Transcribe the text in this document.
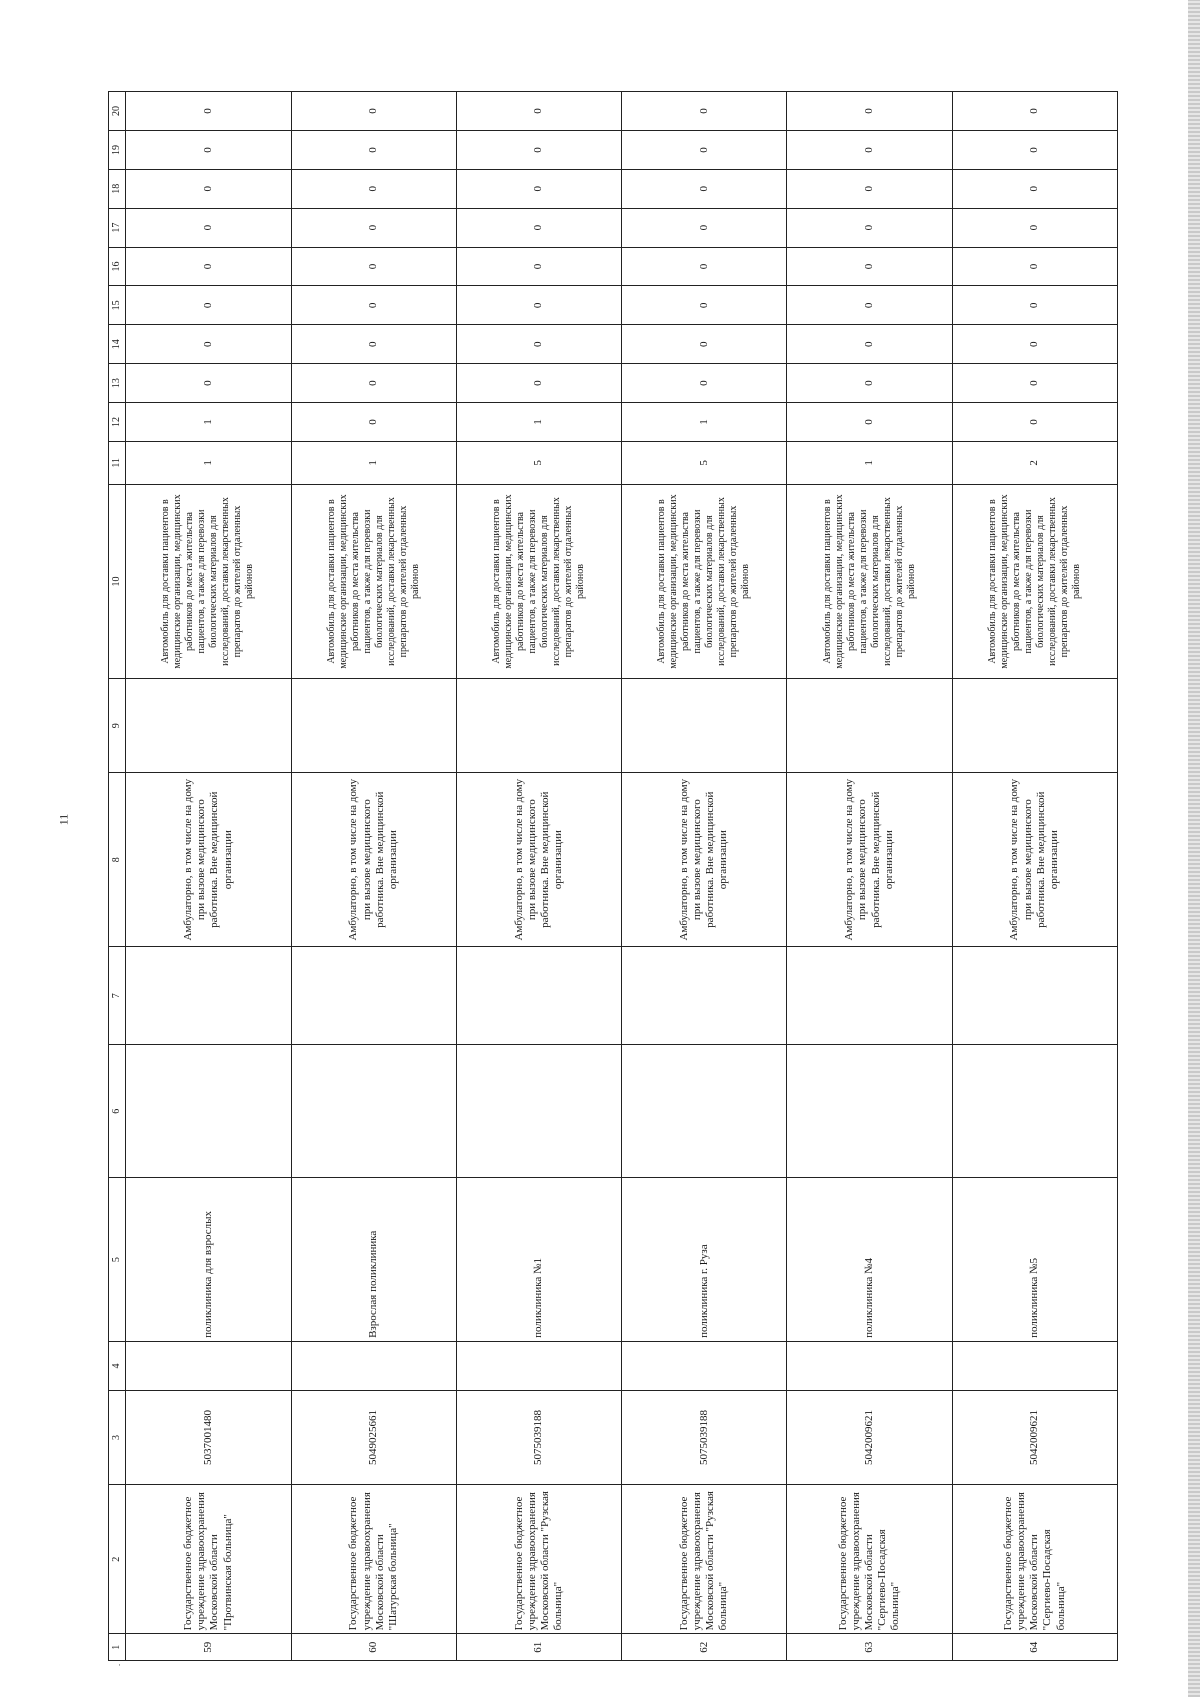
·
11
1	2	3	4	5	6	7	8	9	10	11	12	13	14	15	16	17	18	19	20
59	Государственное бюджетное учреждение здравоохранения Московской области "Протвинская больница"	5037001480		поликлиника для взрослых			Амбулаторно, в том числе на дому при вызове медицинского работника. Вне медицинской организации		Автомобиль для доставки пациентов в медицинские организации, медицинских работников до места жительства пациентов, а также для перевозки биологических материалов для исследований, доставки лекарственных препаратов до жителей отдаленных районов	1	1	0	0	0	0	0	0	0	0
60	Государственное бюджетное учреждение здравоохранения Московской области "Шатурская больница"	5049025661		Взрослая поликлиника			Амбулаторно, в том числе на дому при вызове медицинского работника. Вне медицинской организации		Автомобиль для доставки пациентов в медицинские организации, медицинских работников до места жительства пациентов, а также для перевозки биологических материалов для исследований, доставки лекарственных препаратов до жителей отдаленных районов	1	0	0	0	0	0	0	0	0	0
61	Государственное бюджетное учреждение здравоохранения Московской области "Рузская больница"	5075039188		поликлиника №1			Амбулаторно, в том числе на дому при вызове медицинского работника. Вне медицинской организации		Автомобиль для доставки пациентов в медицинские организации, медицинских работников до места жительства пациентов, а также для перевозки биологических материалов для исследований, доставки лекарственных препаратов до жителей отдаленных районов	5	1	0	0	0	0	0	0	0	0
62	Государственное бюджетное учреждение здравоохранения Московской области "Рузская больница"	5075039188		поликлиника г. Руза			Амбулаторно, в том числе на дому при вызове медицинского работника. Вне медицинской организации		Автомобиль для доставки пациентов в медицинские организации, медицинских работников до места жительства пациентов, а также для перевозки биологических материалов для исследований, доставки лекарственных препаратов до жителей отдаленных районов	5	1	0	0	0	0	0	0	0	0
63	Государственное бюджетное учреждение здравоохранения Московской области "Сергиево-Посадская больница"	5042009621		поликлиника №4			Амбулаторно, в том числе на дому при вызове медицинского работника. Вне медицинской организации		Автомобиль для доставки пациентов в медицинские организации, медицинских работников до места жительства пациентов, а также для перевозки биологических материалов для исследований, доставки лекарственных препаратов до жителей отдаленных районов	1	0	0	0	0	0	0	0	0	0
64	Государственное бюджетное учреждение здравоохранения Московской области "Сергиево-Посадская больница"	5042009621		поликлиника №5			Амбулаторно, в том числе на дому при вызове медицинского работника. Вне медицинской организации		Автомобиль для доставки пациентов в медицинские организации, медицинских работников до места жительства пациентов, а также для перевозки биологических материалов для исследований, доставки лекарственных препаратов до жителей отдаленных районов	2	0	0	0	0	0	0	0	0	0
